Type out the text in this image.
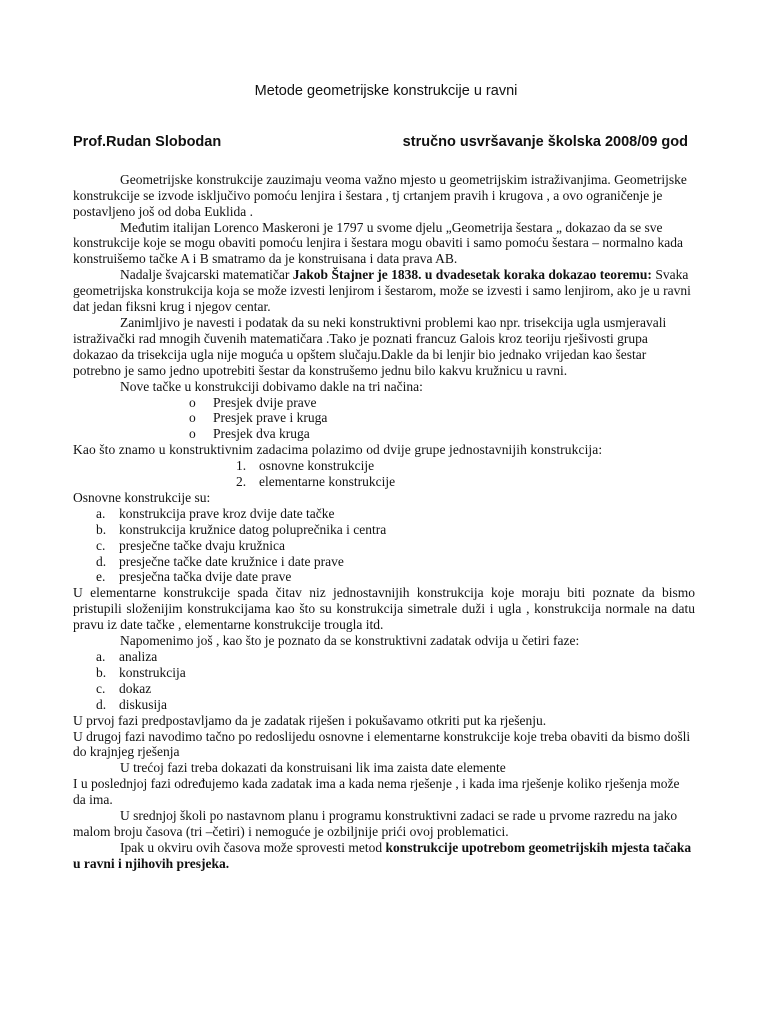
Metode geometrijske konstrukcije u ravni
Prof.Rudan Slobodan	stručno usvršavanje školska 2008/09 god

Geometrijske konstrukcije zauzimaju veoma važno mjesto u geometrijskim istraživanjima. Geometrijske konstrukcije se izvode isključivo pomoću lenjira i šestara , tj crtanjem pravih i krugova , a ovo ograničenje je postavljeno još od doba Euklida .

Međutim italijan Lorenco Maskeroni je 1797 u svome djelu „Geometrija šestara „ dokazao da se sve konstrukcije koje se mogu obaviti pomoću lenjira i šestara mogu obaviti i samo pomoću šestara – normalno kada konstruišemo tačke A i B smatramo da je konstruisana i data prava AB.

Nadalje švajcarski matematičar Jakob Štajner je 1838. u dvadesetak koraka dokazao teoremu: Svaka geometrijska konstrukcija koja se može izvesti lenjirom i šestarom, može se izvesti i samo lenjirom, ako je u ravni dat jedan fiksni krug i njegov centar.

Zanimljivo je navesti i podatak da su neki konstruktivni problemi kao npr. trisekcija ugla usmjeravali istraživački rad mnogih čuvenih matematičara .Tako je poznati francuz Galois kroz teoriju rješivosti grupa dokazao da trisekcija ugla nije moguća u opštem slučaju.Dakle da bi lenjir bio jednako vrijedan kao šestar potrebno je samo jedno upotrebiti šestar da konstrušemo jednu bilo kakvu kružnicu u ravni.

Nove tačke u konstrukciji dobivamo dakle na tri načina:

o Presjek dvije prave
o Presjek prave i kruga
o Presjek dva kruga

Kao što znamo u konstruktivnim zadacima polazimo od dvije grupe jednostavnijih konstrukcija:

1. osnovne konstrukcije
2. elementarne konstrukcije

Osnovne konstrukcije su:

a. konstrukcija prave kroz dvije date tačke
b. konstrukcija kružnice datog poluprečnika i centra
c. presječne tačke dvaju kružnica
d. presječne tačke date kružnice i date prave
e. presječna tačka dvije date prave

U elementarne konstrukcije spada čitav niz jednostavnijih konstrukcija koje moraju biti poznate da bismo pristupili složenijim konstrukcijama kao što su konstrukcija simetrale duži i ugla , konstrukcija normale na datu pravu iz date tačke , elementarne konstrukcije trougla itd.

Napomenimo još , kao što je poznato da se konstruktivni zadatak odvija u četiri faze:

a. analiza
b. konstrukcija
c. dokaz
d. diskusija

U prvoj fazi predpostavljamo da je zadatak riješen i pokušavamo otkriti put ka rješenju.

U drugoj fazi navodimo tačno po redoslijedu osnovne i elementarne konstrukcije koje treba obaviti da bismo došli do krajnjeg rješenja

U trećoj fazi treba dokazati da konstruisani lik ima zaista date elemente

I u poslednjoj fazi određujemo kada zadatak ima a kada nema rješenje , i kada ima rješenje koliko rješenja može da ima.

U srednjoj školi po nastavnom planu i programu konstruktivni zadaci se rade u prvome razredu na jako malom broju časova (tri –četiri) i nemoguće je ozbiljnije prići ovoj problematici.

Ipak u okviru ovih časova može sprovesti metod konstrukcije upotrebom geometrijskih mjesta tačaka u ravni i njihovih presjeka.
